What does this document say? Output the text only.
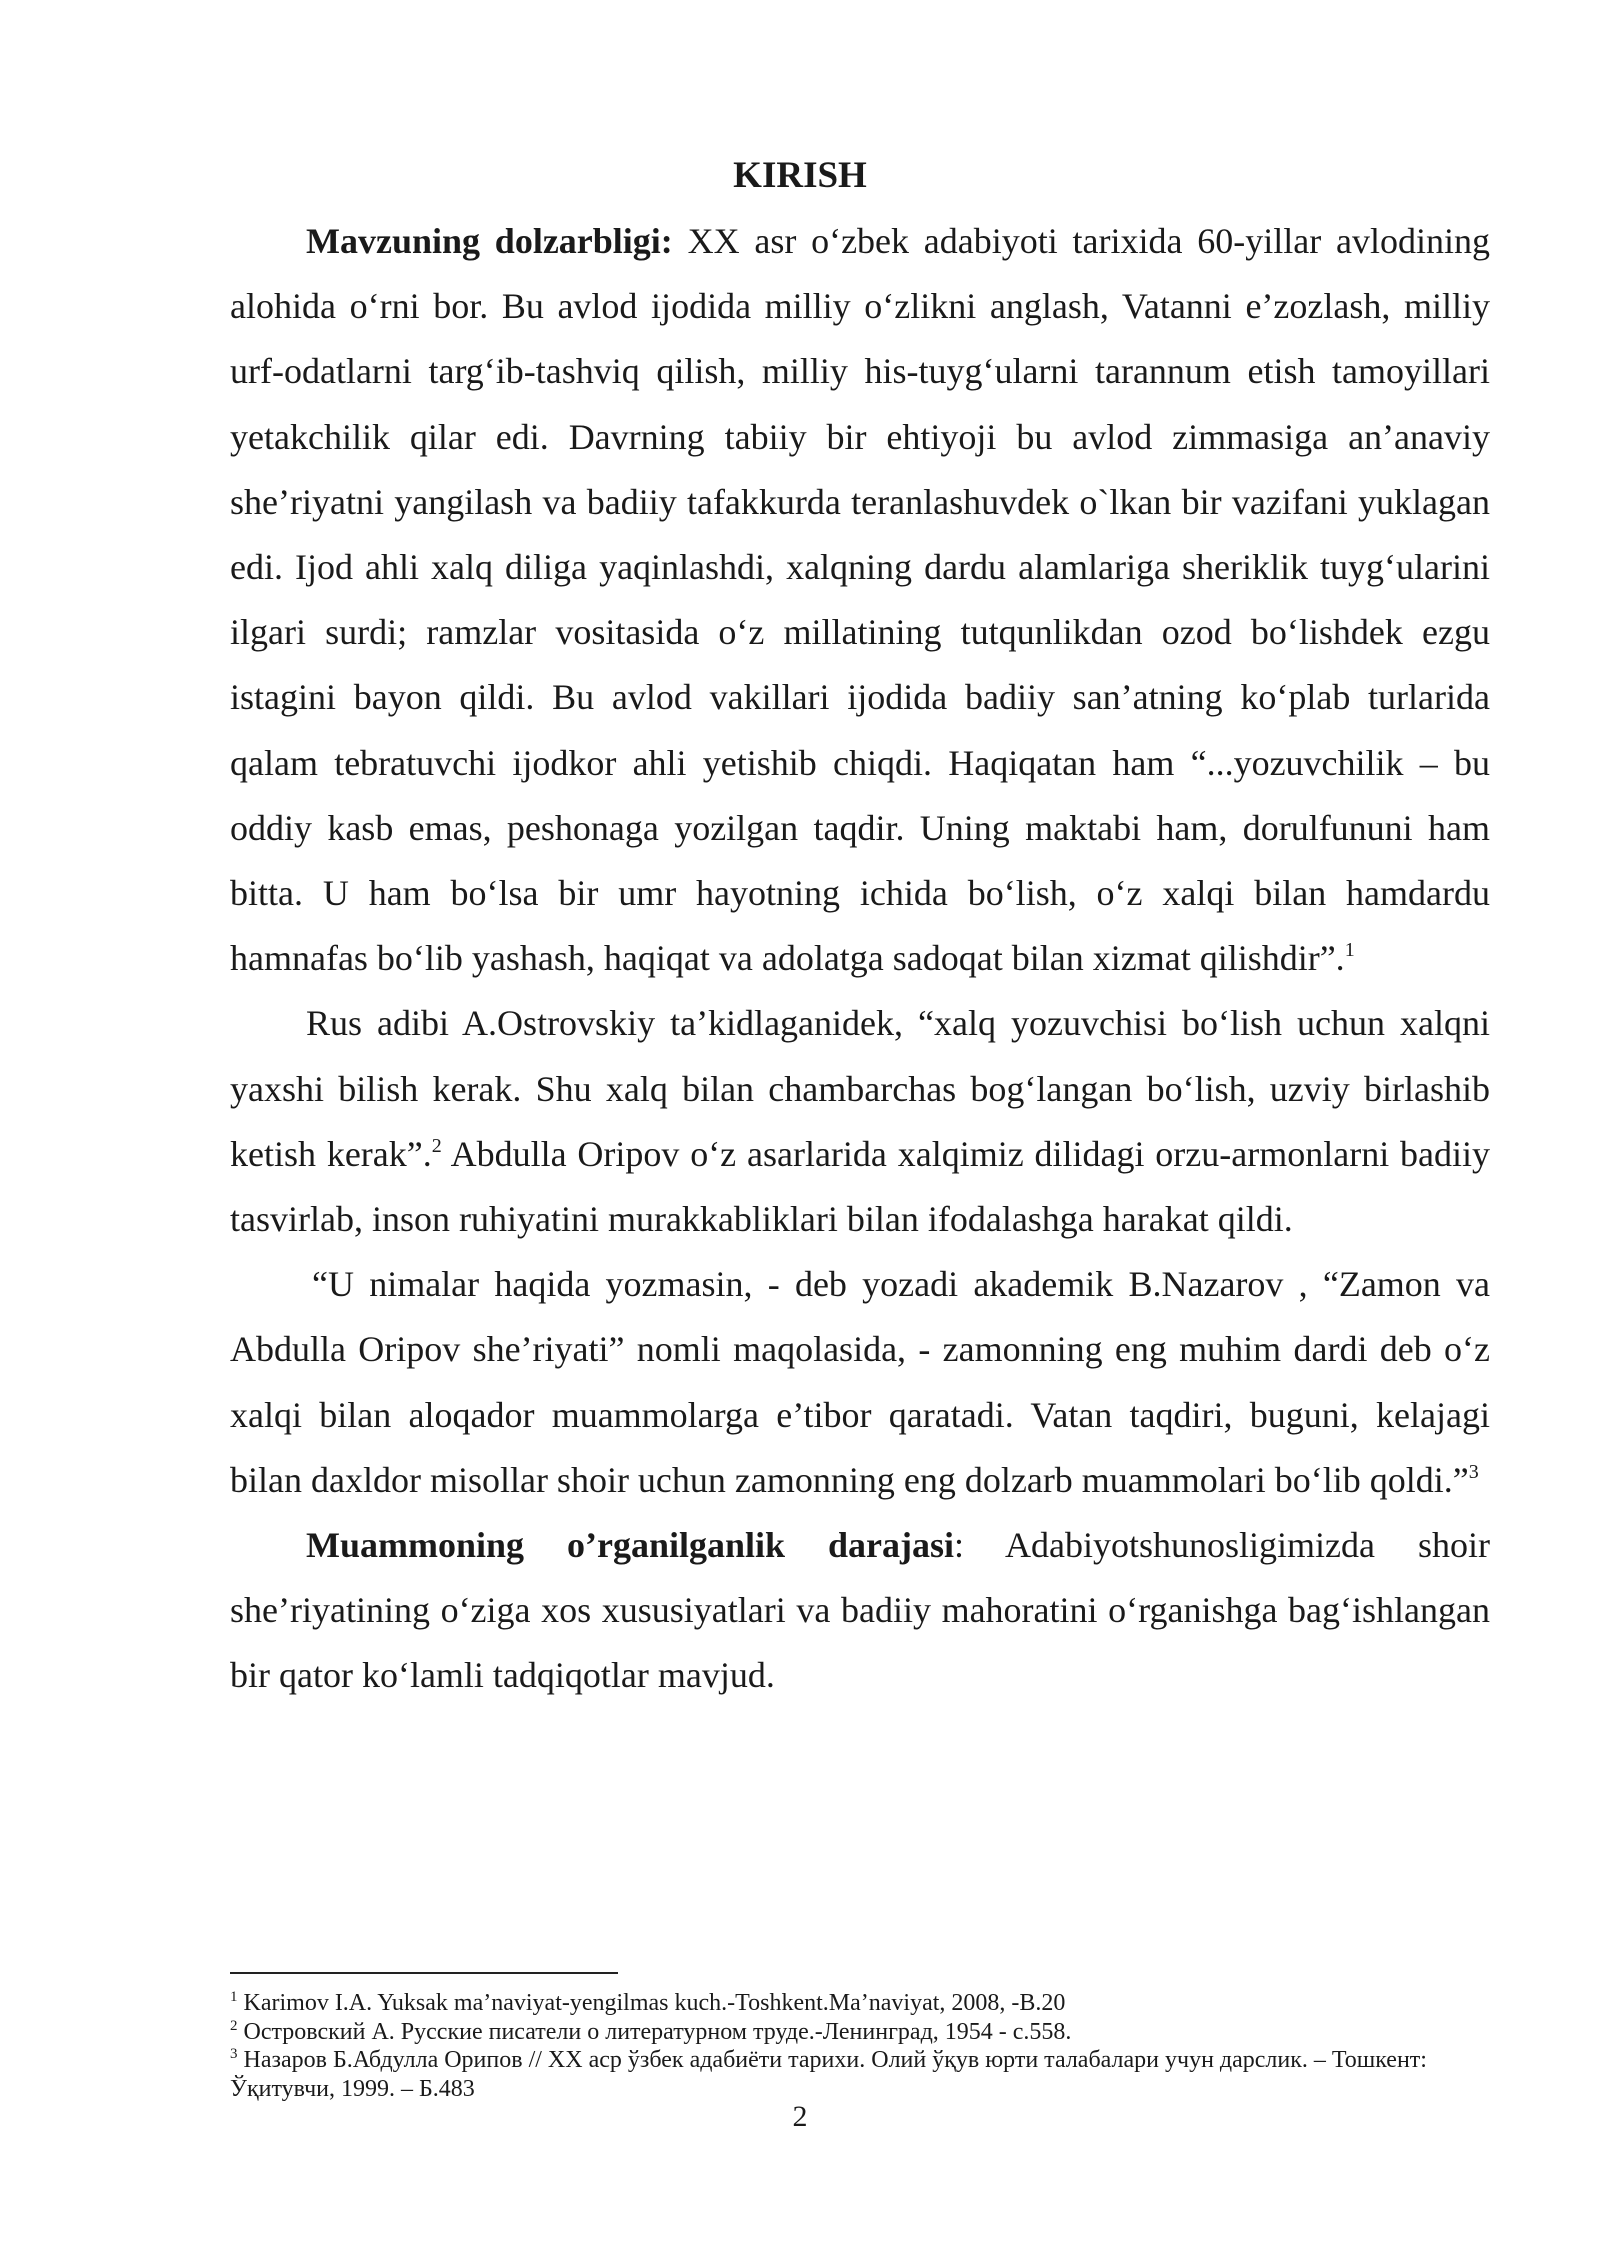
KIRISH

Mavzuning dolzarbligi: XX asr o‘zbek adabiyoti tarixida 60-yillar avlodining alohida o‘rni bor. Bu avlod ijodida milliy o‘zlikni anglash, Vatanni e’zozlash, milliy urf-odatlarni targ‘ib-tashviq qilish, milliy his-tuyg‘ularni tarannum etish tamoyillari yetakchilik qilar edi. Davrning tabiiy bir ehtiyoji bu avlod zimmasiga an’anaviy she’riyatni yangilash va badiiy tafakkurda teranlashuvdek o`lkan bir vazifani yuklagan edi. Ijod ahli xalq diliga yaqinlashdi, xalqning dardu alamlariga sheriklik tuyg‘ularini ilgari surdi; ramzlar vositasida o‘z millatining tutqunlikdan ozod bo‘lishdek ezgu istagini bayon qildi. Bu avlod vakillari ijodida badiiy san’atning ko‘plab turlarida qalam tebratuvchi ijodkor ahli yetishib chiqdi. Haqiqatan ham “...yozuvchilik – bu oddiy kasb emas, peshonaga yozilgan taqdir. Uning maktabi ham, dorulfununi ham bitta. U ham bo‘lsa bir umr hayotning ichida bo‘lish, o‘z xalqi bilan hamdardu hamnafas bo‘lib yashash, haqiqat va adolatga sadoqat bilan xizmat qilishdir”.$^1$

Rus adibi A.Ostrovskiy ta’kidlaganidek, “xalq yozuvchisi bo‘lish uchun xalqni yaxshi bilish kerak. Shu xalq bilan chambarchas bog‘langan bo‘lish, uzviy birlashib ketish kerak”.$^2$ Abdulla Oripov o‘z asarlarida xalqimiz dilidagi orzu-armonlarni badiiy tasvirlab, inson ruhiyatini murakkabliklari bilan ifodalashga harakat qildi.

“U nimalar haqida yozmasin, - deb yozadi akademik B.Nazarov , “Zamon va Abdulla Oripov she’riyati” nomli maqolasida, - zamonning eng muhim dardi deb o‘z xalqi bilan aloqador muammolarga e’tibor qaratadi. Vatan taqdiri, buguni, kelajagi bilan daxldor misollar shoir uchun zamonning eng dolzarb muammolari bo‘lib qoldi.”$^3$

Muammoning o’rganilganlik darajasi: Adabiyotshunosligimizda shoir she’riyatining o‘ziga xos xususiyatlari va badiiy mahoratini o‘rganishga bag‘ishlangan bir qator ko‘lamli tadqiqotlar mavjud.

$^1$ Karimov I.A. Yuksak ma’naviyat-yengilmas kuch.-Toshkent.Ma’naviyat, 2008, -B.20

$^2$ Островский А. Русские писатели о литературном труде.-Ленинград, 1954 - с.558.

$^3$ Назаров Б.Абдулла Орипов // XX аср ўзбек адабиёти тарихи. Олий ўқув юрти талабалари учун дарслик. – Тошкент: Ўқитувчи, 1999. – Б.483

2
